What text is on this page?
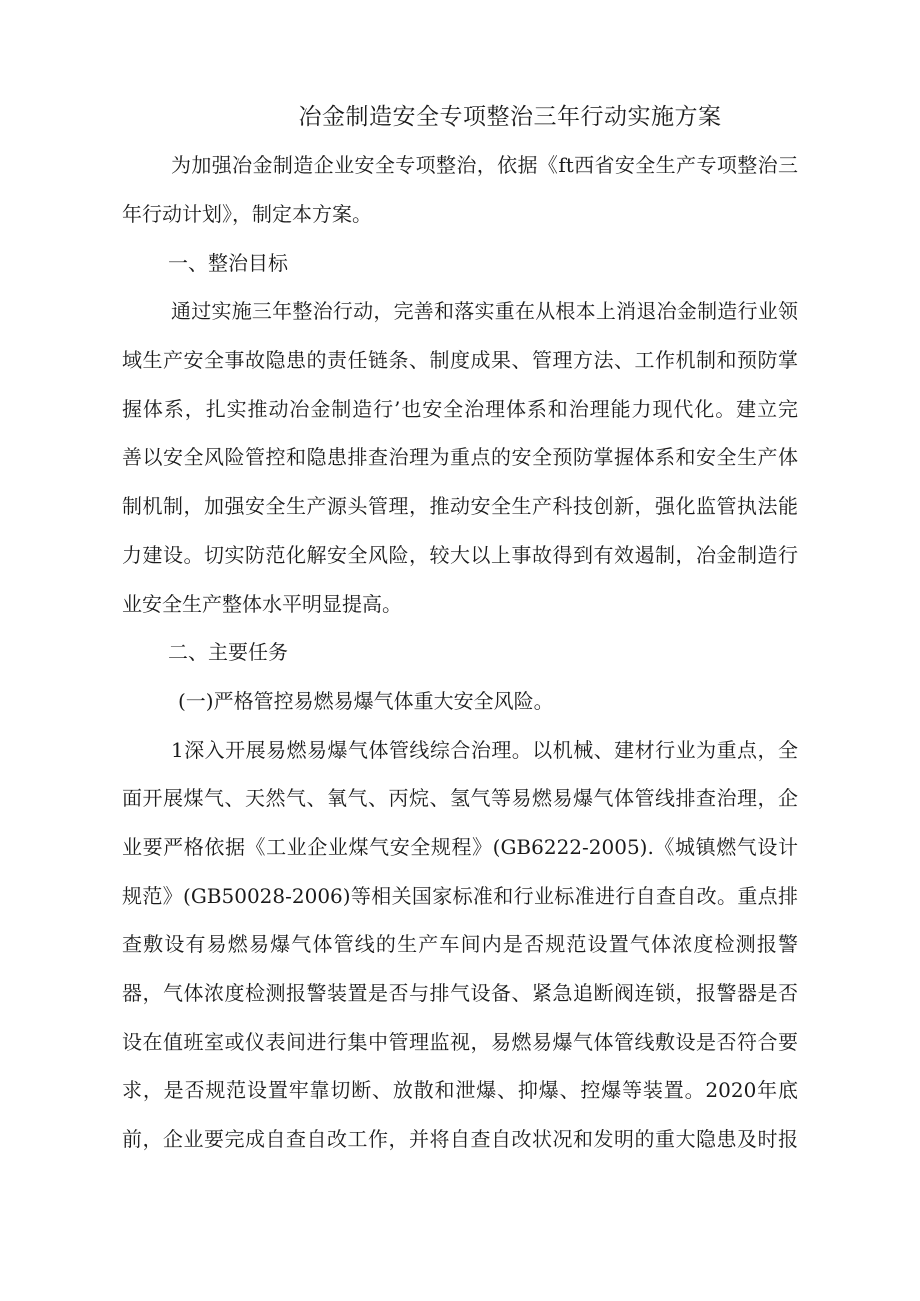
冶金制造安全专项整治三年行动实施方案
为加强冶金制造企业安全专项整治，依据《ft西省安全生产专项整治三
年行动计划》，制定本方案。
一、整治目标
通过实施三年整治行动，完善和落实重在从根本上消退冶金制造行业领
域生产安全事故隐患的责任链条、制度成果、管理方法、工作机制和预防掌
握体系，扎实推动冶金制造行’也安全治理体系和治理能力现代化。建立完
善以安全风险管控和隐患排查治理为重点的安全预防掌握体系和安全生产体
制机制，加强安全生产源头管理，推动安全生产科技创新，强化监管执法能
力建设。切实防范化解安全风险，较大以上事故得到有效遏制，冶金制造行
业安全生产整体水平明显提高。
二、主要任务
(一)严格管控易燃易爆气体重大安全风险。
1深入开展易燃易爆气体管线综合治理。以机械、建材行业为重点，全
面开展煤气、天然气、氧气、丙烷、氢气等易燃易爆气体管线排查治理，企
业要严格依据《工业企业煤气安全规程》(GB6222-2005).《城镇燃气设计
规范》(GB50028-2006)等相关国家标准和行业标准进行自查自改。重点排
查敷设有易燃易爆气体管线的生产车间内是否规范设置气体浓度检测报警
器，气体浓度检测报警装置是否与排气设备、紧急追断阀连锁，报警器是否
设在值班室或仪表间进行集中管理监视，易燃易爆气体管线敷设是否符合要
求，是否规范设置牢靠切断、放散和泄爆、抑爆、控爆等装置。2020年底
前，企业要完成自查自改工作，并将自查自改状况和发明的重大隐患及时报
